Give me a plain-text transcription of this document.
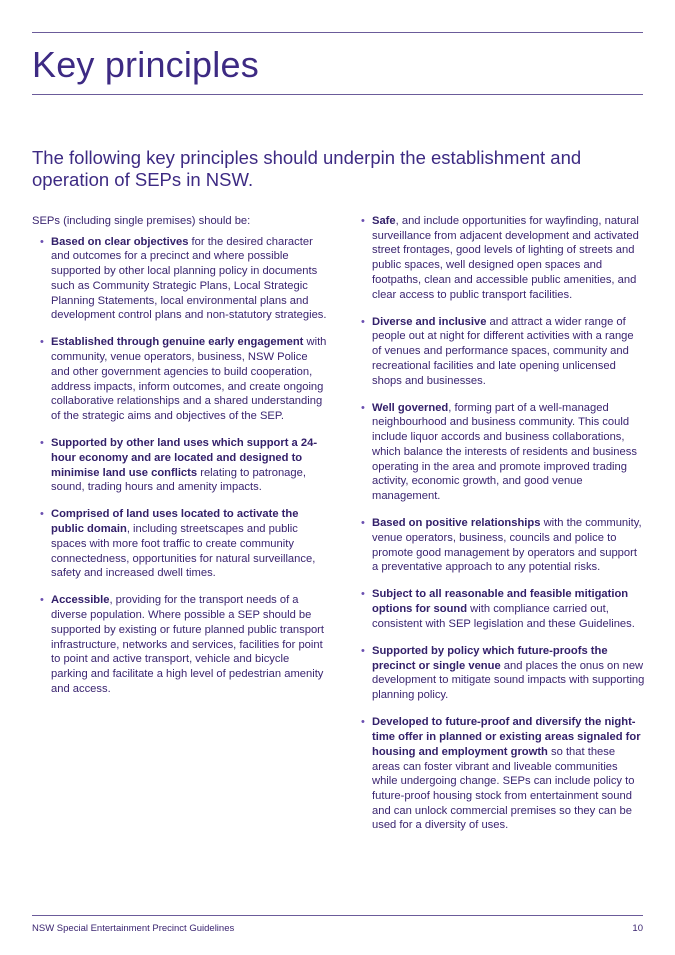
Key principles

The following key principles should underpin the establishment and operation of SEPs in NSW.

SEPs (including single premises) should be:

• Based on clear objectives for the desired character and outcomes for a precinct and where possible supported by other local planning policy in documents such as Community Strategic Plans, Local Strategic Planning Statements, local environmental plans and development control plans and non-statutory strategies.
• Established through genuine early engagement with community, venue operators, business, NSW Police and other government agencies to build cooperation, address impacts, inform outcomes, and create ongoing collaborative relationships and a shared understanding of the strategic aims and objectives of the SEP.
• Supported by other land uses which support a 24-hour economy and are located and designed to minimise land use conflicts relating to patronage, sound, trading hours and amenity impacts.
• Comprised of land uses located to activate the public domain, including streetscapes and public spaces with more foot traffic to create community connectedness, opportunities for natural surveillance, safety and increased dwell times.
• Accessible, providing for the transport needs of a diverse population. Where possible a SEP should be supported by existing or future planned public transport infrastructure, networks and services, facilities for point to point and active transport, vehicle and bicycle parking and facilitate a high level of pedestrian amenity and access.
• Safe, and include opportunities for wayfinding, natural surveillance from adjacent development and activated street frontages, good levels of lighting of streets and public spaces, well designed open spaces and footpaths, clean and accessible public amenities, and clear access to public transport facilities.
• Diverse and inclusive and attract a wider range of people out at night for different activities with a range of venues and performance spaces, community and recreational facilities and late opening unlicensed shops and businesses.
• Well governed, forming part of a well-managed neighbourhood and business community. This could include liquor accords and business collaborations, which balance the interests of residents and business operating in the area and promote improved trading activity, economic growth, and good venue management.
• Based on positive relationships with the community, venue operators, business, councils and police to promote good management by operators and support a preventative approach to any potential risks.
• Subject to all reasonable and feasible mitigation options for sound with compliance carried out, consistent with SEP legislation and these Guidelines.
• Supported by policy which future-proofs the precinct or single venue and places the onus on new development to mitigate sound impacts with supporting planning policy.
• Developed to future-proof and diversify the night-time offer in planned or existing areas signaled for housing and employment growth so that these areas can foster vibrant and liveable communities while undergoing change. SEPs can include policy to future-proof housing stock from entertainment sound and can unlock commercial premises so they can be used for a diversity of uses.
NSW Special Entertainment Precinct Guidelines	10
